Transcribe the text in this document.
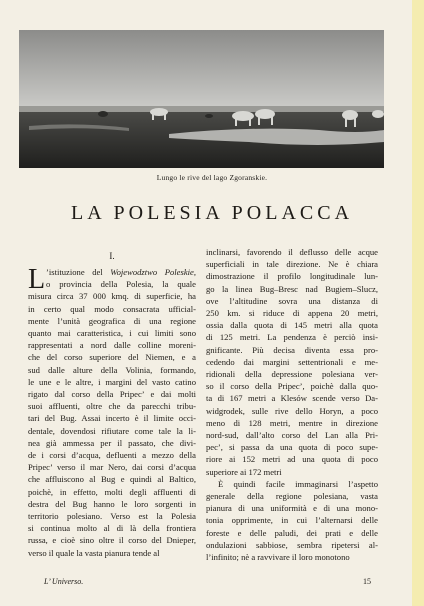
Lungo le rive del lago Zgoranskie.
LA POLESIA POLACCA
I.
L ’istituzione del Wojewodztwo Poleskie,
o provincia della Polesia, la quale
misura circa 37 000 kmq. di superficie, ha
in certo qual modo consacrata ufficial-
mente l’unità geografica di una regione
quanto mai caratteristica, i cui limiti sono
rappresentati a nord dalle colline moreni-
che del corso superiore del Niemen, e a
sud dalle alture della Volinia, formando,
le une e le altre, i margini del vasto catino
rigato dal corso della Pripec’ e dai molti
suoi affluenti, oltre che da parecchi tribu-
tari del Bug. Assai incerto è il limite occi-
dentale, dovendosi rifiutare come tale la li-
nea già ammessa per il passato, che divi-
de i corsi d’acqua, defluenti a mezzo della
Pripec’ verso il mar Nero, dai corsi d’acqua
che affluiscono al Bug e quindi al Baltico,
poichè, in effetto, molti degli affluenti di
destra del Bug hanno le loro sorgenti in
territorio polesiano. Verso est la Polesia
si continua molto al di là della frontiera
russa, e cioè sino oltre il corso del Dnieper,
verso il quale la vasta pianura tende al
inclinarsi, favorendo il deflusso delle acque
superficiali in tale direzione. Ne è chiara
dimostrazione il profilo longitudinale lun-
go la linea Bug–Bresc nad Bugiem–Slucz,
ove l’altitudine sovra una distanza di
250 km. si riduce di appena 20 metri,
ossia dalla quota di 145 metri alla quota
di 125 metri. La pendenza è perciò insi-
gnificante. Più decisa diventa essa pro-
cedendo dai margini settentrionali e me-
ridionali della depressione polesiana ver-
so il corso della Pripec’, poichè dalla quo-
ta di 167 metri a Klesów scende verso Da-
widgrodek, sulle rive dello Horyn, a poco
meno di 128 metri, mentre in direzione
nord-sud, dall’alto corso del Lan alla Pri-
pec’, si passa da una quota di poco supe-
riore ai 152 metri ad una quota di poco
superiore ai 172 metri
È quindi facile immaginarsi l’aspetto
generale della regione polesiana, vasta
pianura di una uniformità e di una mono-
tonia opprimente, in cui l’alternarsi delle
foreste e delle paludi, dei prati e delle
ondulazioni sabbiose, sembra ripetersi al-
l’infinito; nè a ravvivare il loro monotono
L’ Universo.	15
